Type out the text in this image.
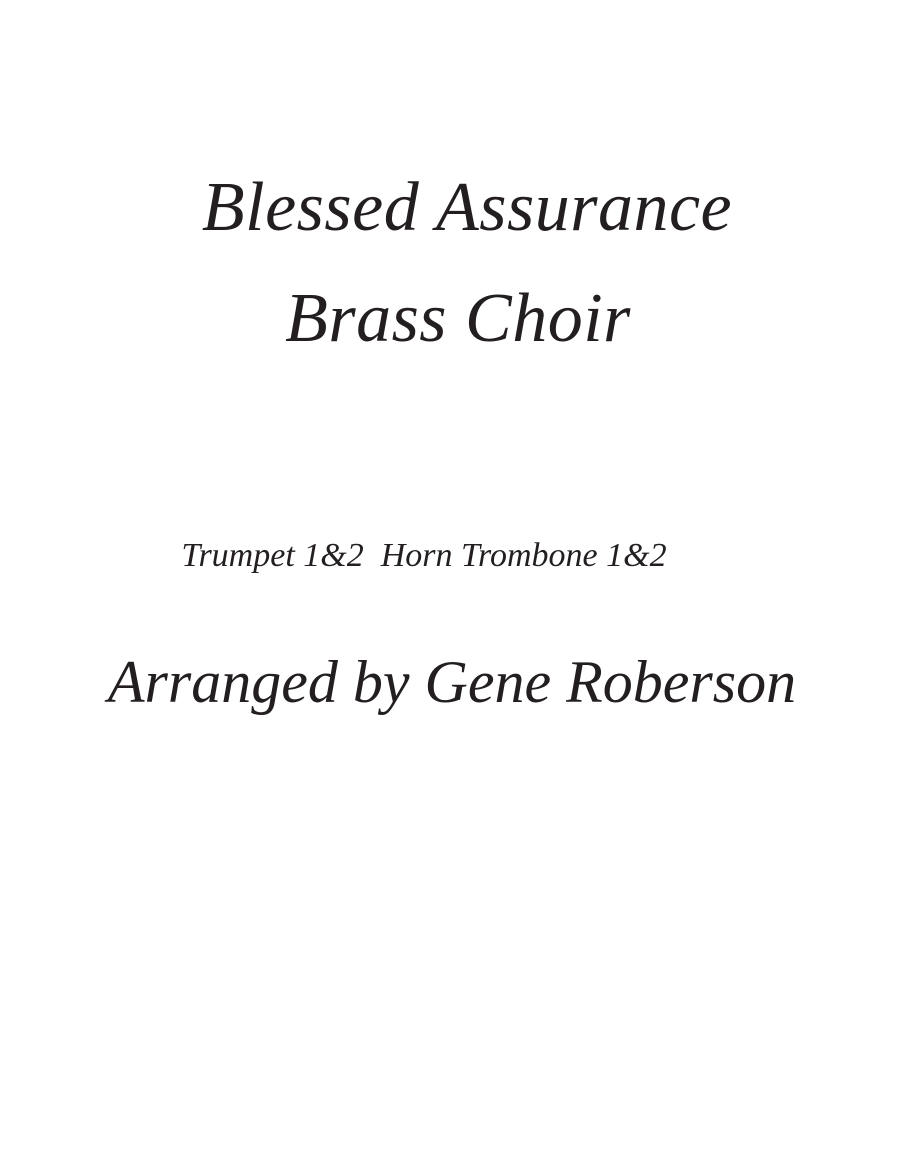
Blessed Assurance
Brass Choir
Trumpet 1&2  Horn Trombone 1&2
Arranged by Gene Roberson
